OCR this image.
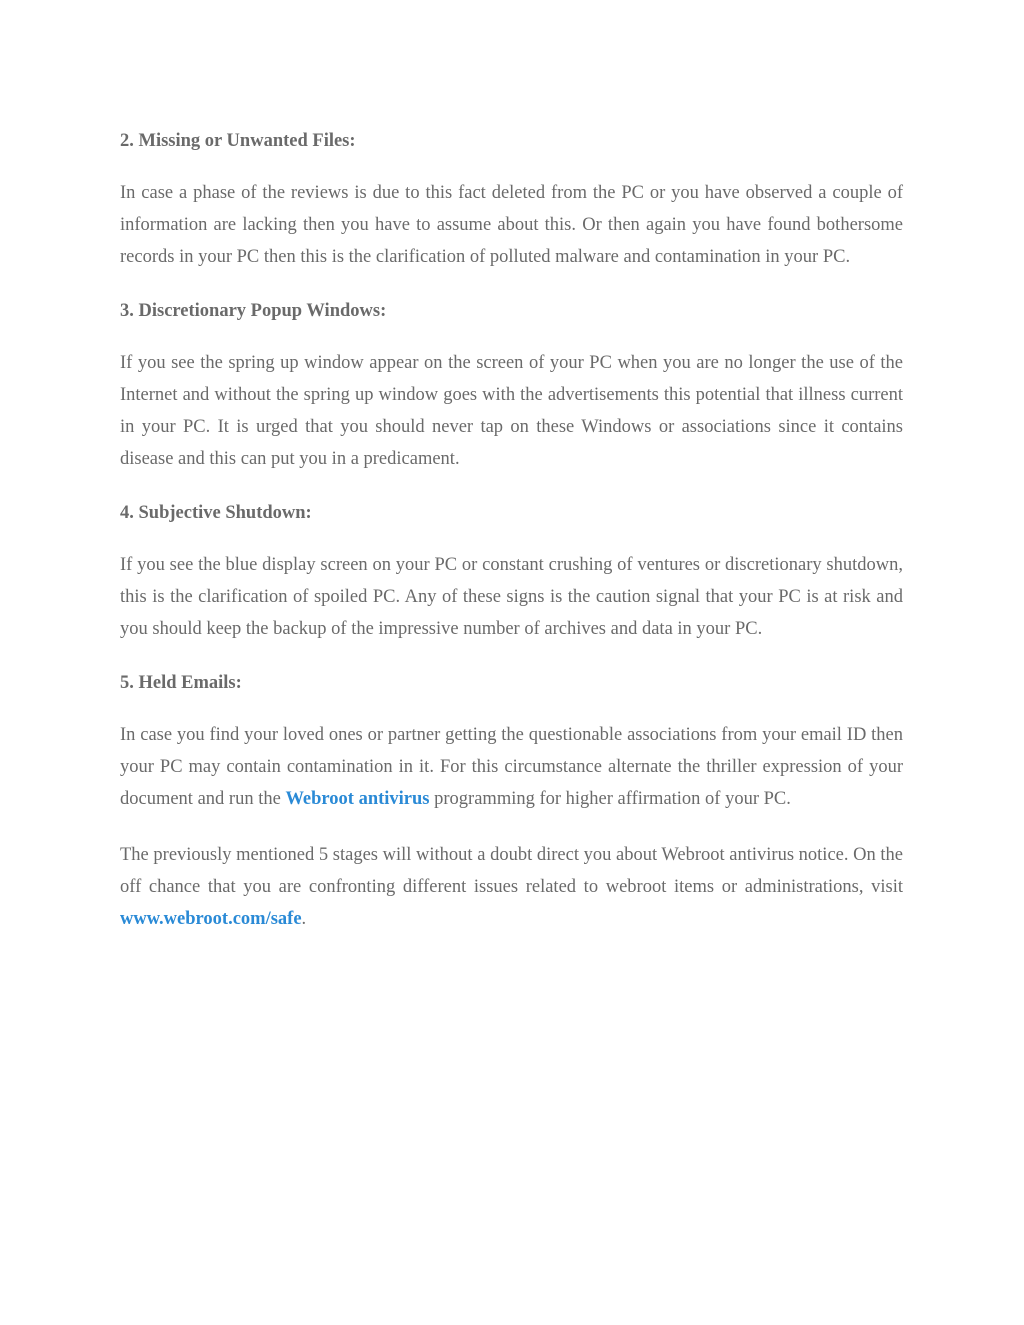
2. Missing or Unwanted Files:

In case a phase of the reviews is due to this fact deleted from the PC or you have observed a couple of information are lacking then you have to assume about this. Or then again you have found bothersome records in your PC then this is the clarification of polluted malware and contamination in your PC.

3. Discretionary Popup Windows:

If you see the spring up window appear on the screen of your PC when you are no longer the use of the Internet and without the spring up window goes with the advertisements this potential that illness current in your PC. It is urged that you should never tap on these Windows or associations since it contains disease and this can put you in a predicament.

4. Subjective Shutdown:

If you see the blue display screen on your PC or constant crushing of ventures or discretionary shutdown, this is the clarification of spoiled PC. Any of these signs is the caution signal that your PC is at risk and you should keep the backup of the impressive number of archives and data in your PC.

5. Held Emails:

In case you find your loved ones or partner getting the questionable associations from your email ID then your PC may contain contamination in it. For this circumstance alternate the thriller expression of your document and run the Webroot antivirus programming for higher affirmation of your PC.

The previously mentioned 5 stages will without a doubt direct you about Webroot antivirus notice. On the off chance that you are confronting different issues related to webroot items or administrations, visit www.webroot.com/safe.
